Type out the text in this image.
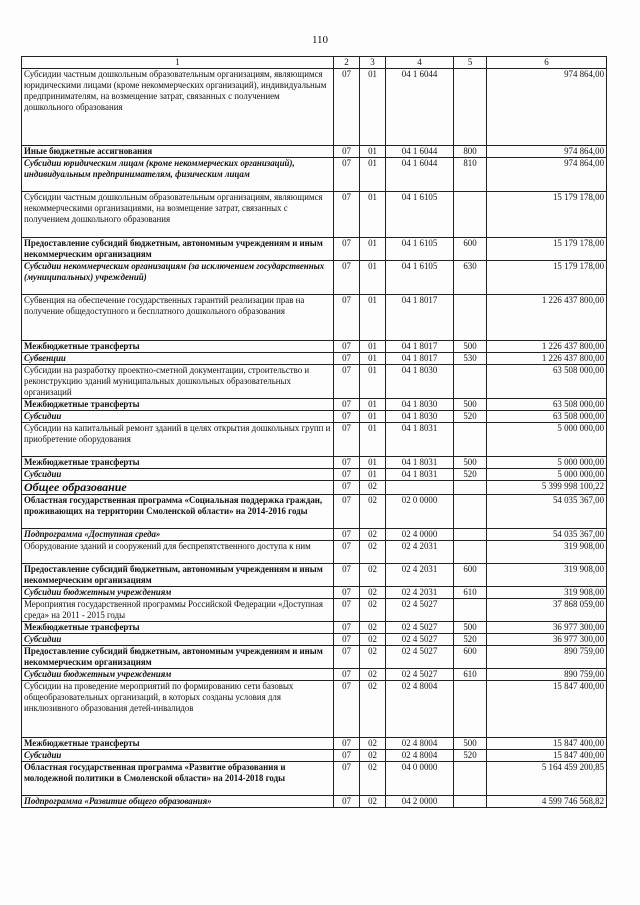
110
1	2	3	4	5	6
Субсидии частным дошкольным образовательным организациям, являющимся юридическими лицами (кроме некоммерческих организаций), индивидуальным предпринимателям, на возмещение затрат, связанных с получением дошкольного образования	07	01	04 1 6044		974 864,00
Иные бюджетные ассигнования	07	01	04 1 6044	800	974 864,00
Субсидии юридическим лицам (кроме некоммерческих организаций), индивидуальным предпринимателям, физическим лицам	07	01	04 1 6044	810	974 864,00
Субсидии частным дошкольным образовательным организациям, являющимся некоммерческими организациями, на возмещение затрат, связанных с получением дошкольного образования	07	01	04 1 6105		15 179 178,00
Предоставление субсидий бюджетным, автономным учреждениям и иным некоммерческим организациям	07	01	04 1 6105	600	15 179 178,00
Субсидии некоммерческим организациям (за исключением государственных (муниципальных) учреждений)	07	01	04 1 6105	630	15 179 178,00
Субвенция на обеспечение государственных гарантий реализации прав на получение общедоступного и бесплатного дошкольного образования	07	01	04 1 8017		1 226 437 800,00
Межбюджетные трансферты	07	01	04 1 8017	500	1 226 437 800,00
Субвенции	07	01	04 1 8017	530	1 226 437 800,00
Субсидии на разработку проектно-сметной документации, строительство и реконструкцию зданий муниципальных дошкольных образовательных организаций	07	01	04 1 8030		63 508 000,00
Межбюджетные трансферты	07	01	04 1 8030	500	63 508 000,00
Субсидии	07	01	04 1 8030	520	63 508 000,00
Субсидии на капитальный ремонт зданий в целях открытия дошкольных групп и приобретение оборудования	07	01	04 1 8031		5 000 000,00
Межбюджетные трансферты	07	01	04 1 8031	500	5 000 000,00
Субсидии	07	01	04 1 8031	520	5 000 000,00
Общее образование	07	02			5 399 998 100,22
Областная государственная программа «Социальная поддержка граждан, проживающих на территории Смоленской области» на 2014-2016 годы	07	02	02 0 0000		54 035 367,00
Подпрограмма «Доступная среда»	07	02	02 4 0000		54 035 367,00
Оборудование зданий и сооружений для беспрепятственного доступа к ним	07	02	02 4 2031		319 908,00
Предоставление субсидий бюджетным, автономным учреждениям и иным некоммерческим организациям	07	02	02 4 2031	600	319 908,00
Субсидии бюджетным учреждениям	07	02	02 4 2031	610	319 908,00
Мероприятия государственной программы Российской Федерации «Доступная среда» на 2011 - 2015 годы	07	02	02 4 5027		37 868 059,00
Межбюджетные трансферты	07	02	02 4 5027	500	36 977 300,00
Субсидии	07	02	02 4 5027	520	36 977 300,00
Предоставление субсидий бюджетным, автономным учреждениям и иным некоммерческим организациям	07	02	02 4 5027	600	890 759,00
Субсидии бюджетным учреждениям	07	02	02 4 5027	610	890 759,00
Субсидии на проведение мероприятий по формированию сети базовых общеобразовательных организаций, в которых созданы условия для инклюзивного образования детей-инвалидов	07	02	02 4 8004		15 847 400,00
Межбюджетные трансферты	07	02	02 4 8004	500	15 847 400,00
Субсидии	07	02	02 4 8004	520	15 847 400,00
Областная государственная программа «Развитие образования и молодежной политики в Смоленской области» на 2014-2018 годы	07	02	04 0 0000		5 164 459 200,85
Подпрограмма «Развитие общего образования»	07	02	04 2 0000		4 599 746 568,82
